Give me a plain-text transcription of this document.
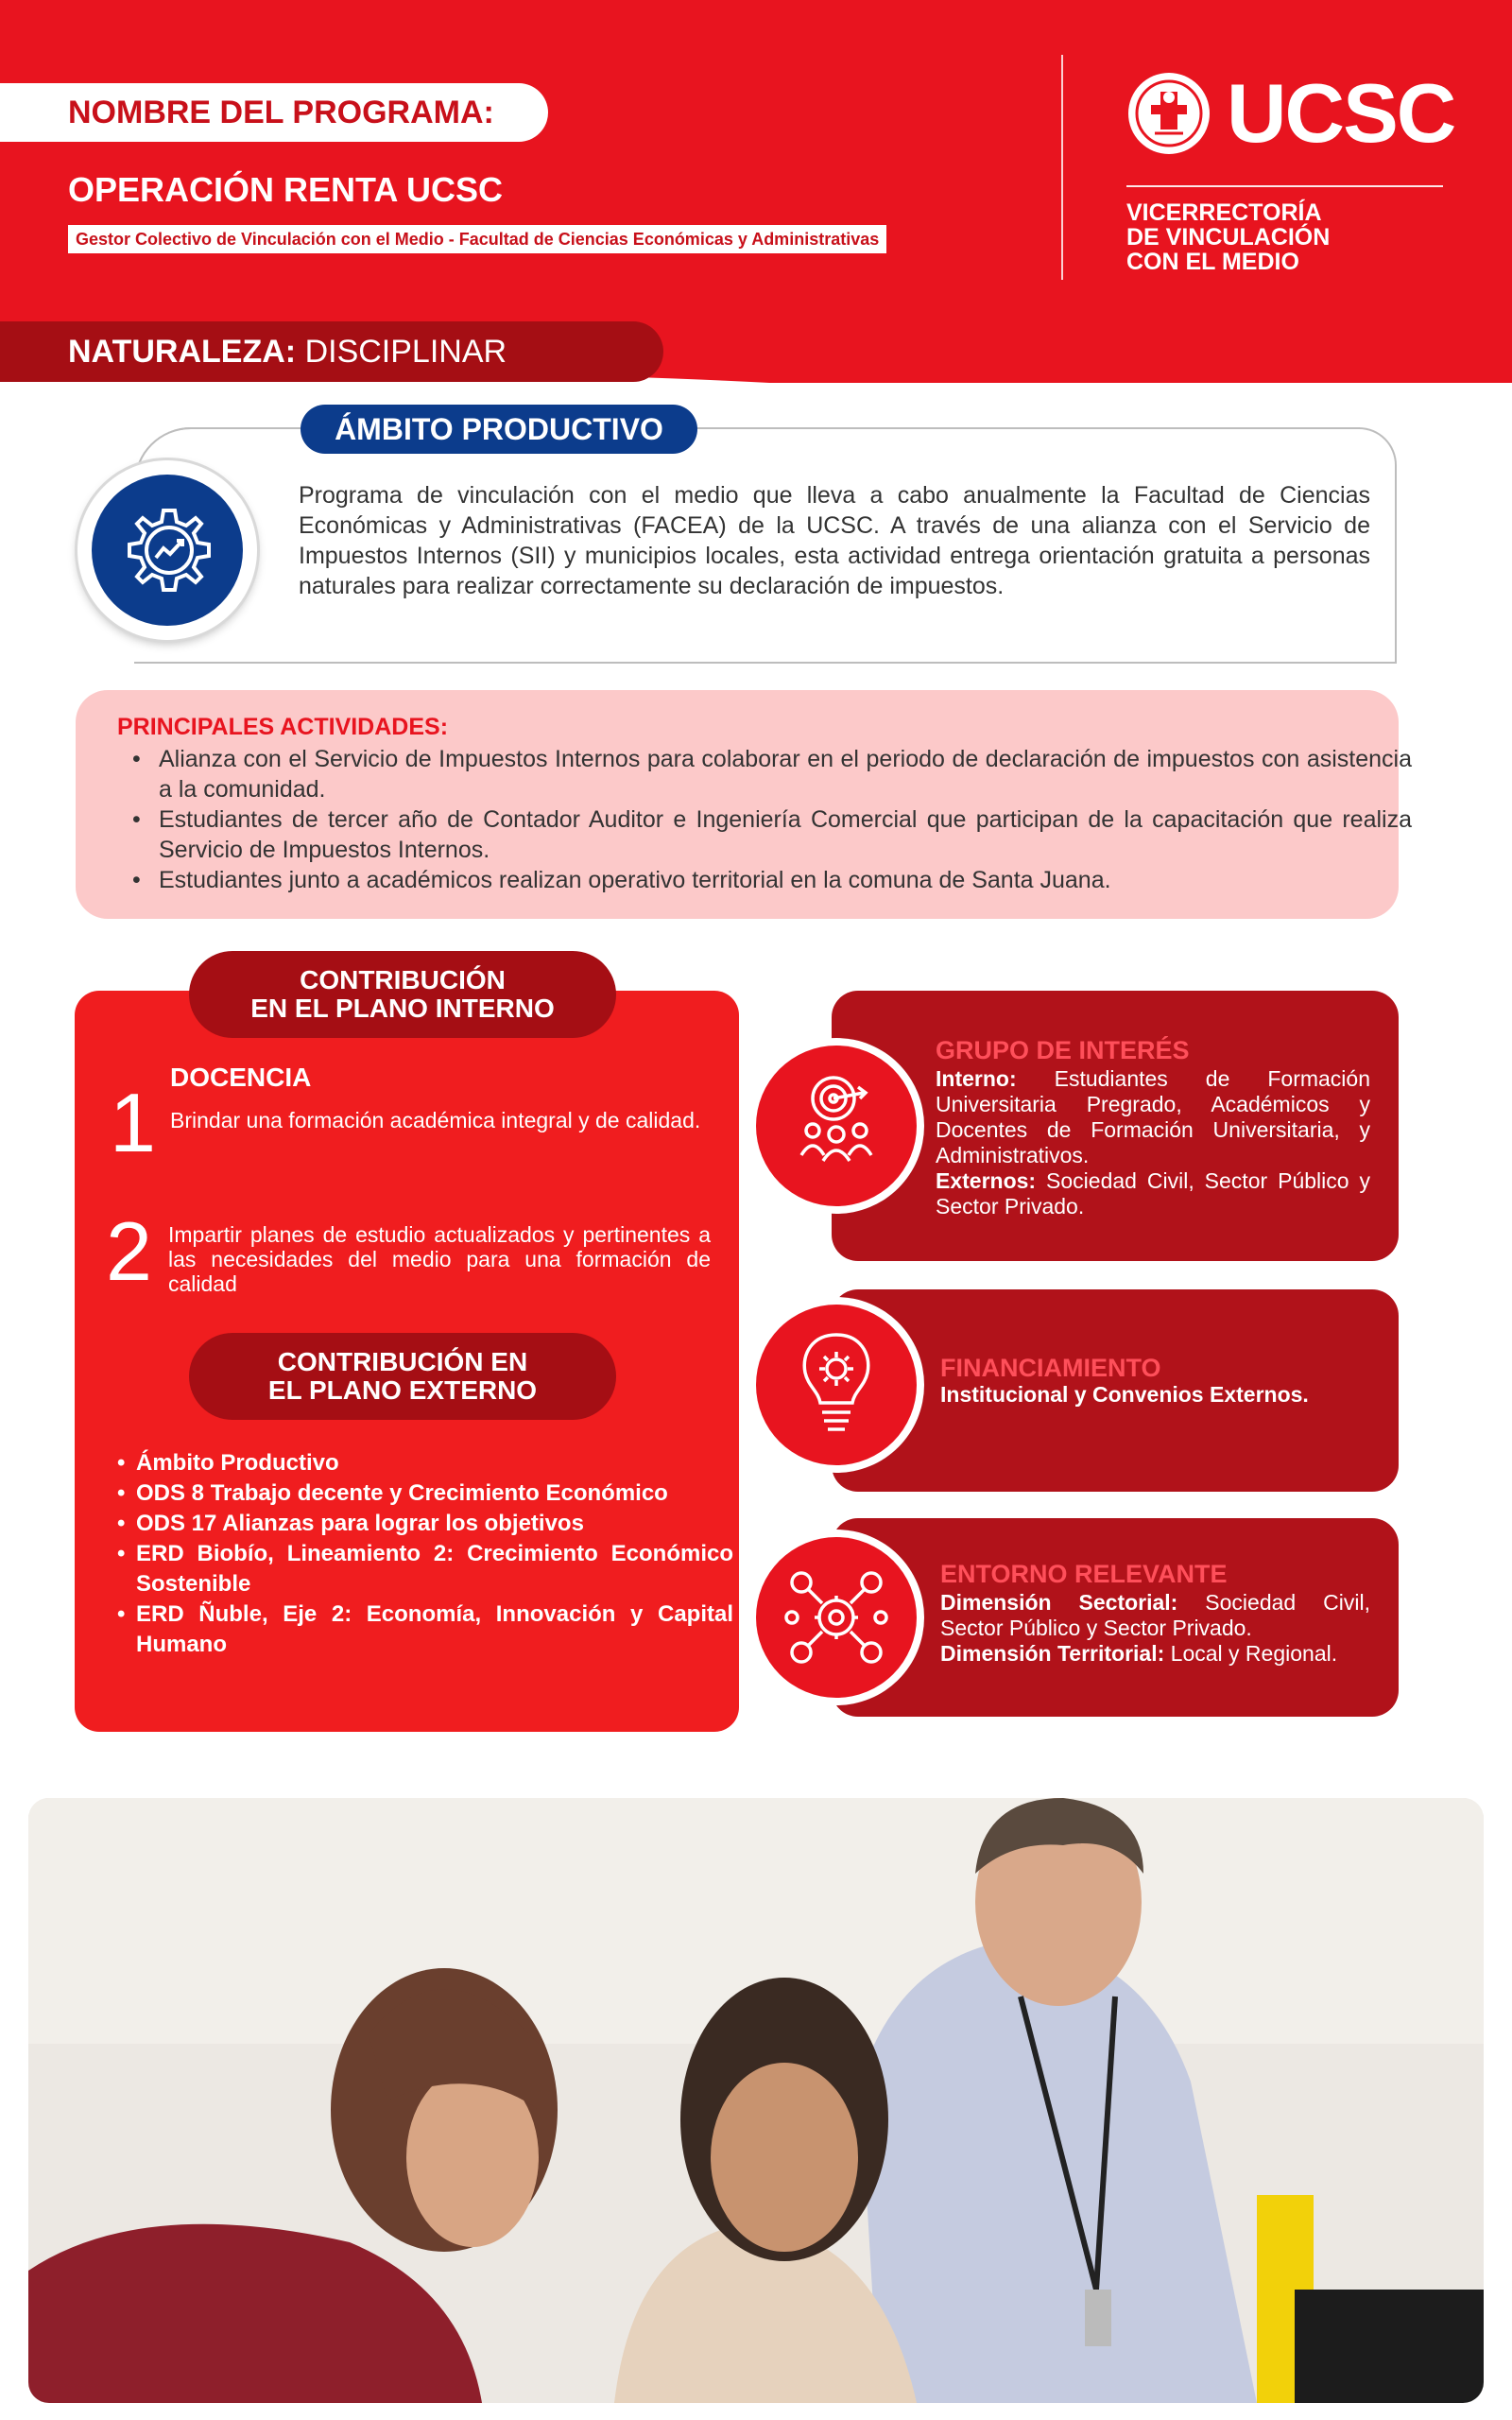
NOMBRE DEL PROGRAMA:
OPERACIÓN RENTA UCSC
Gestor Colectivo de Vinculación con el Medio - Facultad de Ciencias Económicas y Administrativas
UCSC
VICERRECTORÍA
DE VINCULACIÓN
CON EL MEDIO
NATURALEZA: DISCIPLINAR
ÁMBITO PRODUCTIVO
Programa de vinculación con el medio que lleva a cabo anualmente la Facultad de Ciencias Económicas y Administrativas (FACEA) de la UCSC. A través de una alianza con el Servicio de Impuestos Internos (SII) y municipios locales, esta actividad entrega orientación gratuita a personas naturales para realizar correctamente su declaración de impuestos.
PRINCIPALES ACTIVIDADES:
• Alianza con el Servicio de Impuestos Internos para colaborar en el periodo de declaración de impuestos con asistencia a la comunidad.
• Estudiantes de tercer año de Contador Auditor e Ingeniería Comercial que participan de la capacitación que realiza Servicio de Impuestos Internos.
• Estudiantes junto a académicos realizan operativo territorial en la comuna de Santa Juana.
CONTRIBUCIÓN
EN EL PLANO INTERNO
DOCENCIA
1 Brindar una formación académica integral y de calidad.
2 Impartir planes de estudio actualizados y pertinentes a las necesidades del medio para una formación de calidad
CONTRIBUCIÓN EN
EL PLANO EXTERNO
• Ámbito Productivo
• ODS 8 Trabajo decente y Crecimiento Económico
• ODS 17 Alianzas para lograr los objetivos
• ERD Biobío, Lineamiento 2: Crecimiento Económico Sostenible
• ERD Ñuble, Eje 2: Economía, Innovación y Capital Humano
GRUPO DE INTERÉS
Interno: Estudiantes de Formación Universitaria Pregrado, Académicos y Docentes de Formación Universitaria, y Administrativos.
Externos: Sociedad Civil, Sector Público y Sector Privado.
FINANCIAMIENTO
Institucional y Convenios Externos.
ENTORNO RELEVANTE
Dimensión Sectorial: Sociedad Civil, Sector Público y Sector Privado.
Dimensión Territorial: Local y Regional.
